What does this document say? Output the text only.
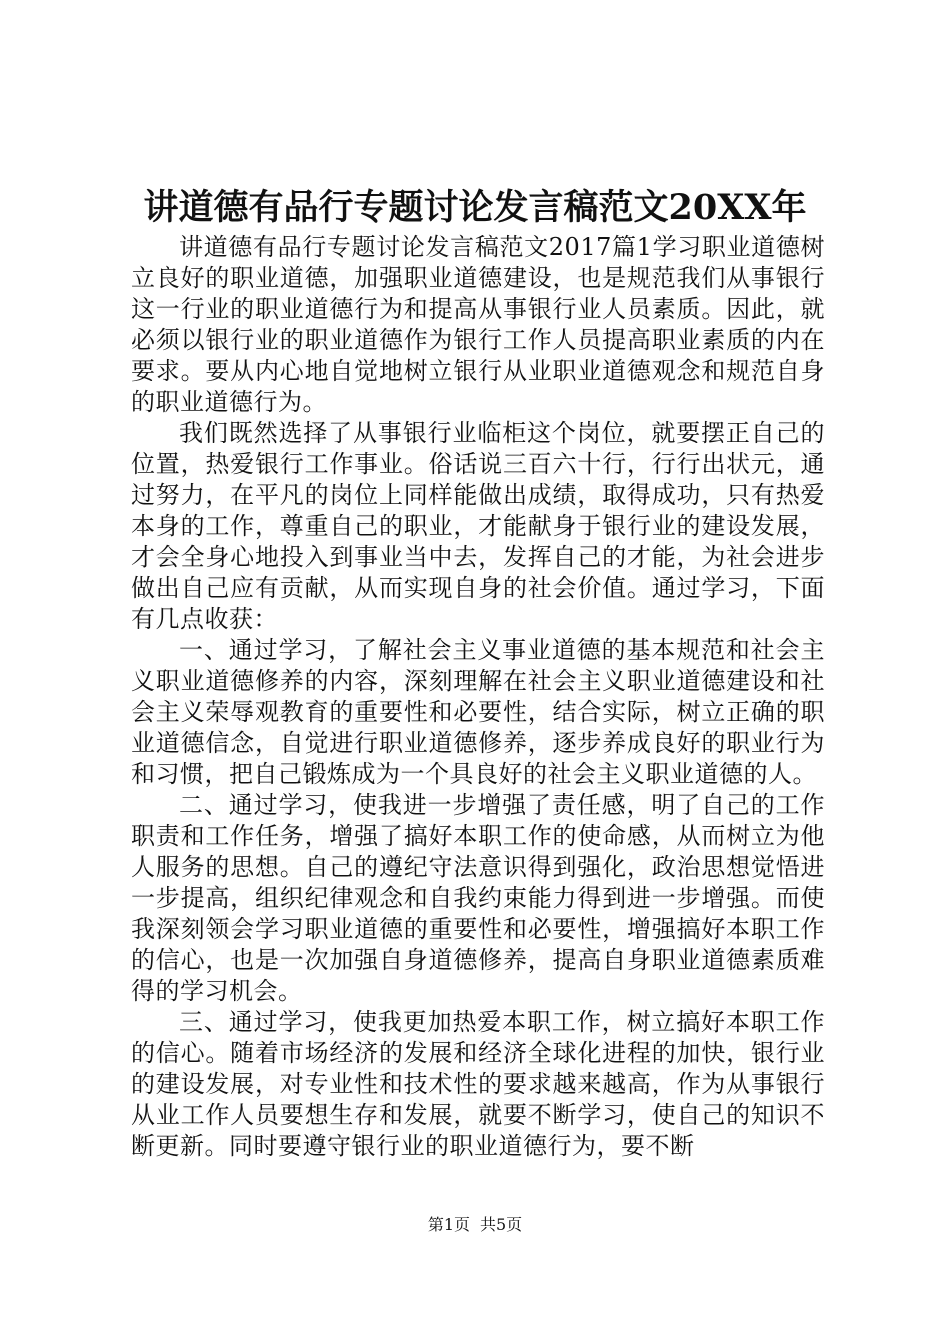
讲道德有品行专题讨论发言稿范文20XX年

讲道德有品行专题讨论发言稿范文2017篇1学习职业道德树立良好的职业道德，加强职业道德建设，也是规范我们从事银行这一行业的职业道德行为和提高从事银行业人员素质。因此，就必须以银行业的职业道德作为银行工作人员提高职业素质的内在要求。要从内心地自觉地树立银行从业职业道德观念和规范自身的职业道德行为。

我们既然选择了从事银行业临柜这个岗位，就要摆正自己的位置，热爱银行工作事业。俗话说三百六十行，行行出状元，通过努力，在平凡的岗位上同样能做出成绩，取得成功，只有热爱本身的工作，尊重自己的职业，才能献身于银行业的建设发展，才会全身心地投入到事业当中去，发挥自己的才能，为社会进步做出自己应有贡献，从而实现自身的社会价值。通过学习，下面有几点收获：

一、通过学习，了解社会主义事业道德的基本规范和社会主义职业道德修养的内容，深刻理解在社会主义职业道德建设和社会主义荣辱观教育的重要性和必要性，结合实际，树立正确的职业道德信念，自觉进行职业道德修养，逐步养成良好的职业行为和习惯，把自己锻炼成为一个具良好的社会主义职业道德的人。

二、通过学习，使我进一步增强了责任感，明了自己的工作职责和工作任务，增强了搞好本职工作的使命感，从而树立为他人服务的思想。自己的遵纪守法意识得到强化，政治思想觉悟进一步提高，组织纪律观念和自我约束能力得到进一步增强。而使我深刻领会学习职业道德的重要性和必要性，增强搞好本职工作的信心，也是一次加强自身道德修养，提高自身职业道德素质难得的学习机会。

三、通过学习，使我更加热爱本职工作，树立搞好本职工作的信心。随着市场经济的发展和经济全球化进程的加快，银行业的建设发展，对专业性和技术性的要求越来越高，作为从事银行从业工作人员要想生存和发展，就要不断学习，使自己的知识不断更新。同时要遵守银行业的职业道德行为，要不断

第1页 共5页
